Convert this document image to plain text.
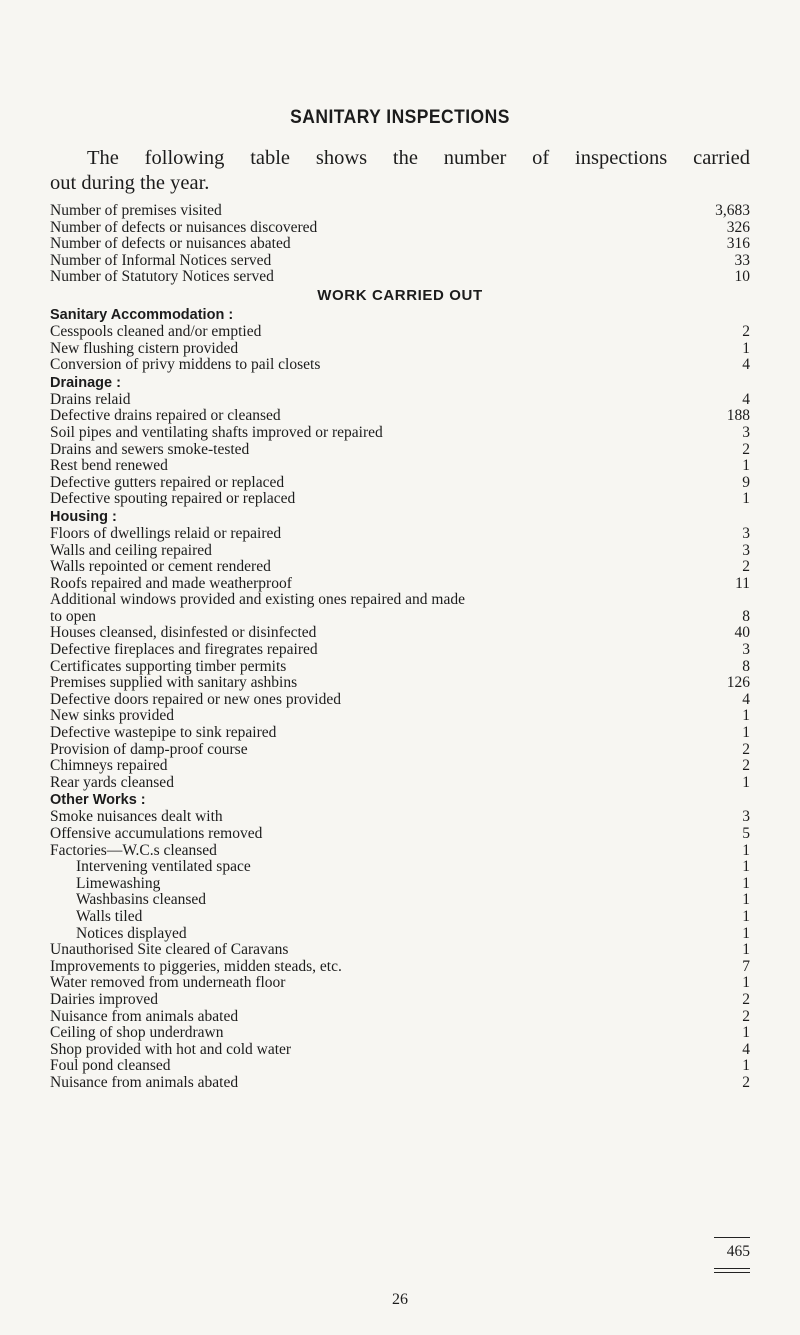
SANITARY INSPECTIONS
The following table shows the number of inspections carried
out during the year.
Number of premises visited	3,683
Number of defects or nuisances discovered	326
Number of defects or nuisances abated	316
Number of Informal Notices served	33
Number of Statutory Notices served	10
WORK CARRIED OUT
Sanitary Accommodation :
Cesspools cleaned and/or emptied	2
New flushing cistern provided	1
Conversion of privy middens to pail closets	4
Drainage :
Drains relaid	4
Defective drains repaired or cleansed	188
Soil pipes and ventilating shafts improved or repaired	3
Drains and sewers smoke-tested	2
Rest bend renewed	1
Defective gutters repaired or replaced	9
Defective spouting repaired or replaced	1
Housing :
Floors of dwellings relaid or repaired	3
Walls and ceiling repaired	3
Walls repointed or cement rendered	2
Roofs repaired and made weatherproof	11
Additional windows provided and existing ones repaired and made
to open	8
Houses cleansed, disinfested or disinfected	40
Defective fireplaces and firegrates repaired	3
Certificates supporting timber permits	8
Premises supplied with sanitary ashbins	126
Defective doors repaired or new ones provided	4
New sinks provided	1
Defective wastepipe to sink repaired	1
Provision of damp-proof course	2
Chimneys repaired	2
Rear yards cleansed	1
Other Works :
Smoke nuisances dealt with	3
Offensive accumulations removed	5
Factories—W.C.s cleansed	1
Intervening ventilated space	1
Limewashing	1
Washbasins cleansed	1
Walls tiled	1
Notices displayed	1
Unauthorised Site cleared of Caravans	1
Improvements to piggeries, midden steads, etc.	7
Water removed from underneath floor	1
Dairies improved	2
Nuisance from animals abated	2
Ceiling of shop underdrawn	1
Shop provided with hot and cold water	4
Foul pond cleansed	1
Nuisance from animals abated	2
465
26
